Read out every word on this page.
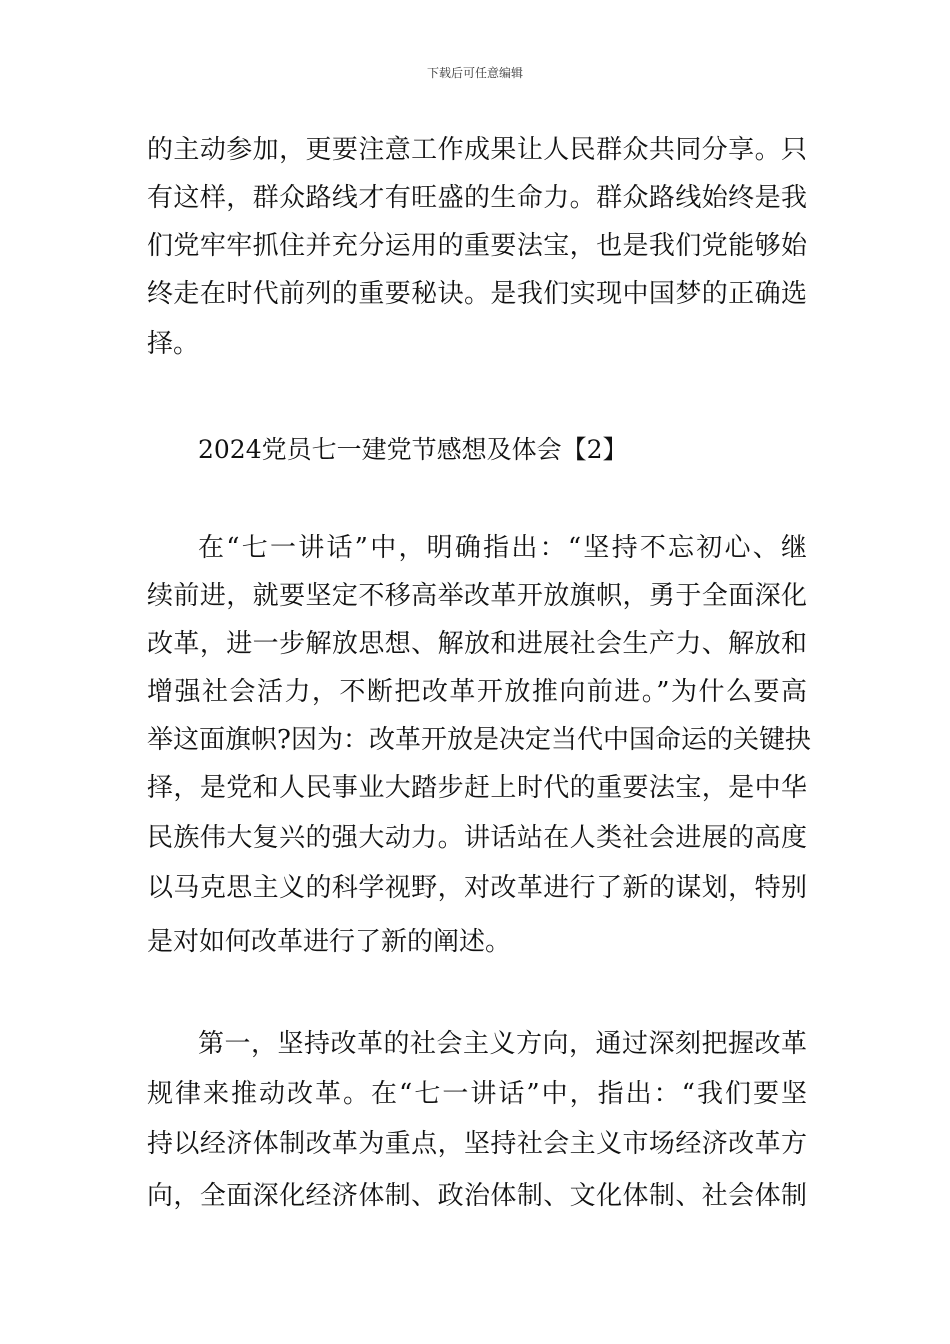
下载后可任意编辑
的主动参加，更要注意工作成果让人民群众共同分享。只
有这样，群众路线才有旺盛的生命力。群众路线始终是我
们党牢牢抓住并充分运用的重要法宝，也是我们党能够始
终走在时代前列的重要秘诀。是我们实现中国梦的正确选
择。
2024党员七一建党节感想及体会【2】
在“七一讲话”中，明确指出：“坚持不忘初心、继
续前进，就要坚定不移高举改革开放旗帜，勇于全面深化
改革，进一步解放思想、解放和进展社会生产力、解放和
增强社会活力，不断把改革开放推向前进。”为什么要高
举这面旗帜?因为：改革开放是决定当代中国命运的关键抉
择，是党和人民事业大踏步赶上时代的重要法宝，是中华
民族伟大复兴的强大动力。讲话站在人类社会进展的高度
以马克思主义的科学视野，对改革进行了新的谋划，特别
是对如何改革进行了新的阐述。
第一，坚持改革的社会主义方向，通过深刻把握改革
规律来推动改革。在“七一讲话”中，指出：“我们要坚
持以经济体制改革为重点，坚持社会主义市场经济改革方
向，全面深化经济体制、政治体制、文化体制、社会体制
